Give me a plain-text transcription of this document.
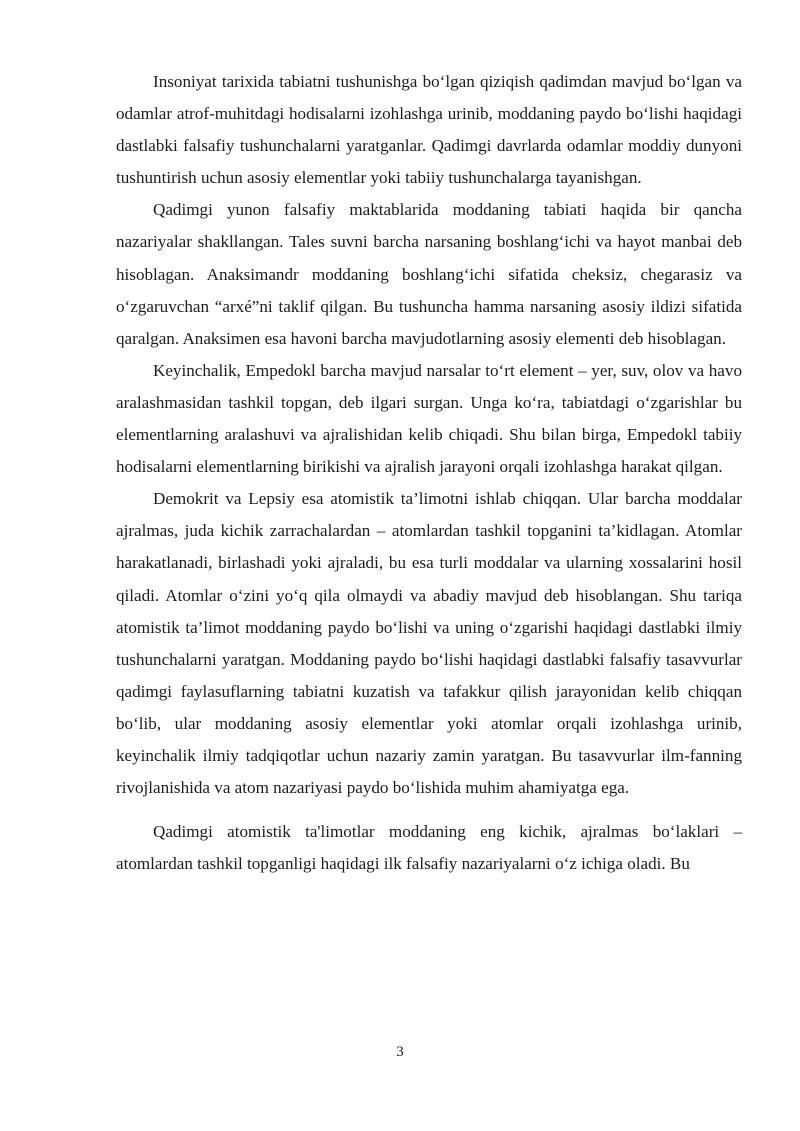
Insoniyat tarixida tabiatni tushunishga bo‘lgan qiziqish qadimdan mavjud bo‘lgan va odamlar atrof-muhitdagi hodisalarni izohlashga urinib, moddaning paydo bo‘lishi haqidagi dastlabki falsafiy tushunchalarni yaratganlar. Qadimgi davrlarda odamlar moddiy dunyoni tushuntirish uchun asosiy elementlar yoki tabiiy tushunchalarga tayanishgan.

Qadimgi yunon falsafiy maktablarida moddaning tabiati haqida bir qancha nazariyalar shakllangan. Tales suvni barcha narsaning boshlang‘ichi va hayot manbai deb hisoblagan. Anaksimandr moddaning boshlang‘ichi sifatida cheksiz, chegarasiz va o‘zgaruvchan “arxé”ni taklif qilgan. Bu tushuncha hamma narsaning asosiy ildizi sifatida qaralgan. Anaksimen esa havoni barcha mavjudotlarning asosiy elementi deb hisoblagan.

Keyinchalik, Empedokl barcha mavjud narsalar to‘rt element – yer, suv, olov va havo aralashmasidan tashkil topgan, deb ilgari surgan. Unga ko‘ra, tabiatdagi o‘zgarishlar bu elementlarning aralashuvi va ajralishidan kelib chiqadi. Shu bilan birga, Empedokl tabiiy hodisalarni elementlarning birikishi va ajralish jarayoni orqali izohlashga harakat qilgan.

Demokrit va Lepsiy esa atomistik ta’limotni ishlab chiqqan. Ular barcha moddalar ajralmas, juda kichik zarrachalardan – atomlardan tashkil topganini ta’kidlagan. Atomlar harakatlanadi, birlashadi yoki ajraladi, bu esa turli moddalar va ularning xossalarini hosil qiladi. Atomlar o‘zini yo‘q qila olmaydi va abadiy mavjud deb hisoblangan. Shu tariqa atomistik ta’limot moddaning paydo bo‘lishi va uning o‘zgarishi haqidagi dastlabki ilmiy tushunchalarni yaratgan. Moddaning paydo bo‘lishi haqidagi dastlabki falsafiy tasavvurlar qadimgi faylasuflarning tabiatni kuzatish va tafakkur qilish jarayonidan kelib chiqqan bo‘lib, ular moddaning asosiy elementlar yoki atomlar orqali izohlashga urinib, keyinchalik ilmiy tadqiqotlar uchun nazariy zamin yaratgan. Bu tasavvurlar ilm-fanning rivojlanishida va atom nazariyasi paydo bo‘lishida muhim ahamiyatga ega.

Qadimgi atomistik ta'limotlar moddaning eng kichik, ajralmas bo‘laklari – atomlardan tashkil topganligi haqidagi ilk falsafiy nazariyalarni o‘z ichiga oladi. Bu

3
